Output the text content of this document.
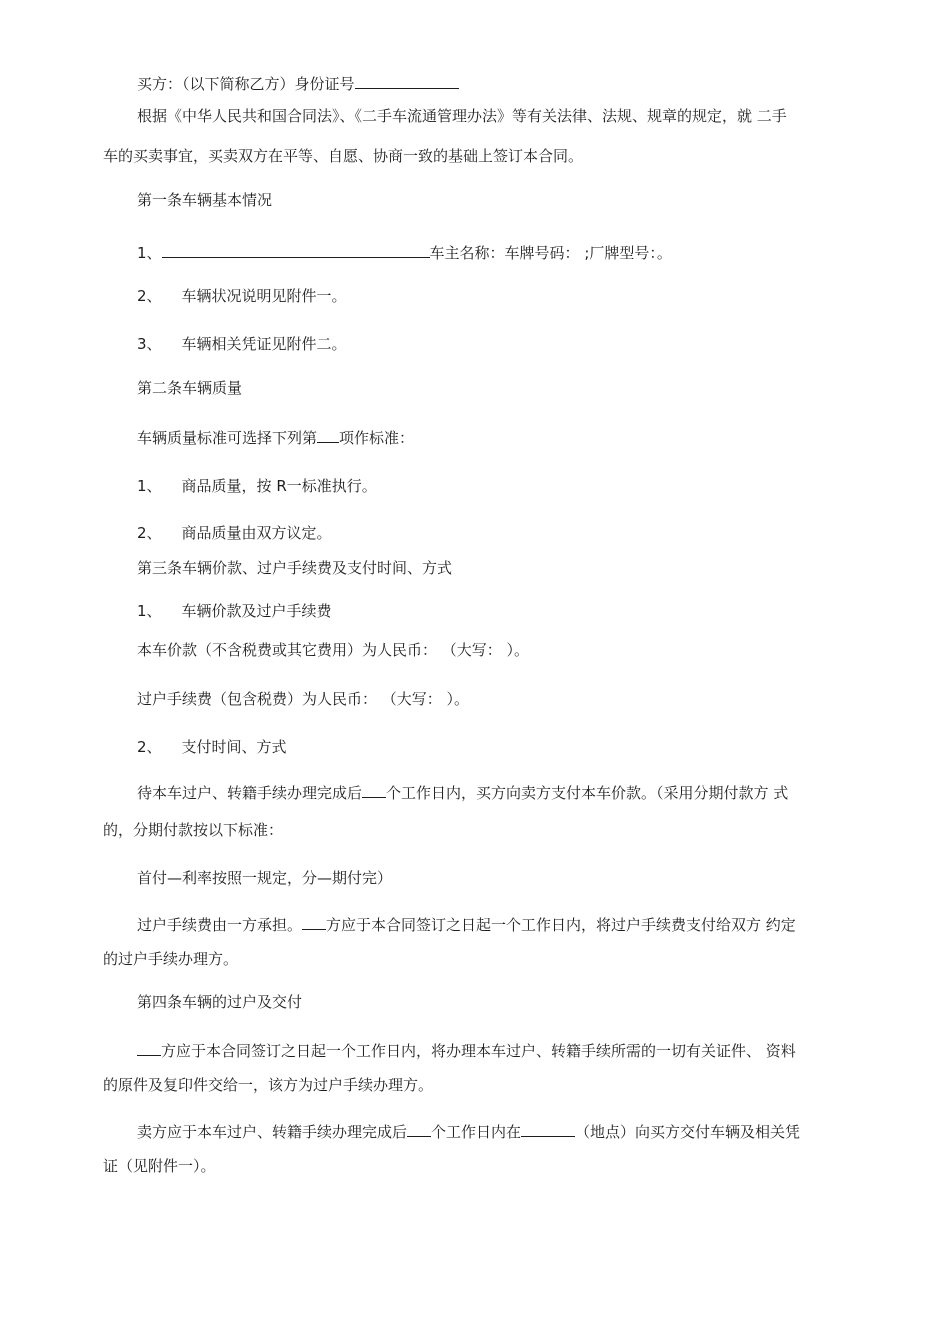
买方：（以下简称乙方）身份证号
根据《中华人民共和国合同法》、《二手车流通管理办法》等有关法律、法规、规章的规定，就 二手
车的买卖事宜，买卖双方在平等、自愿、协商一致的基础上签订本合同。
第一条车辆基本情况
1、	车主名称：车牌号码： ;厂牌型号：。
2、 车辆状况说明见附件一。
3、 车辆相关凭证见附件二。
第二条车辆质量
车辆质量标准可选择下列第 项作标准：
1、 商品质量，按 R一标准执行。
2、 商品质量由双方议定。
第三条车辆价款、过户手续费及支付时间、方式
1、 车辆价款及过户手续费
本车价款（不含税费或其它费用）为人民币： （大写： ）。
过户手续费（包含税费）为人民币： （大写： ）。
2、 支付时间、方式
待本车过户、转籍手续办理完成后 个工作日内，买方向卖方支付本车价款。（采用分期付款方 式
的，分期付款按以下标准：
首付—利率按照一规定，分—期付完）
过户手续费由一方承担。 方应于本合同签订之日起一个工作日内，将过户手续费支付给双方 约定
的过户手续办理方。
第四条车辆的过户及交付
方应于本合同签订之日起一个工作日内，将办理本车过户、转籍手续所需的一切有关证件、 资料
的原件及复印件交给一，该方为过户手续办理方。
卖方应于本车过户、转籍手续办理完成后 个工作日内在	（地点）向买方交付车辆及相关凭
证（见附件一）。
